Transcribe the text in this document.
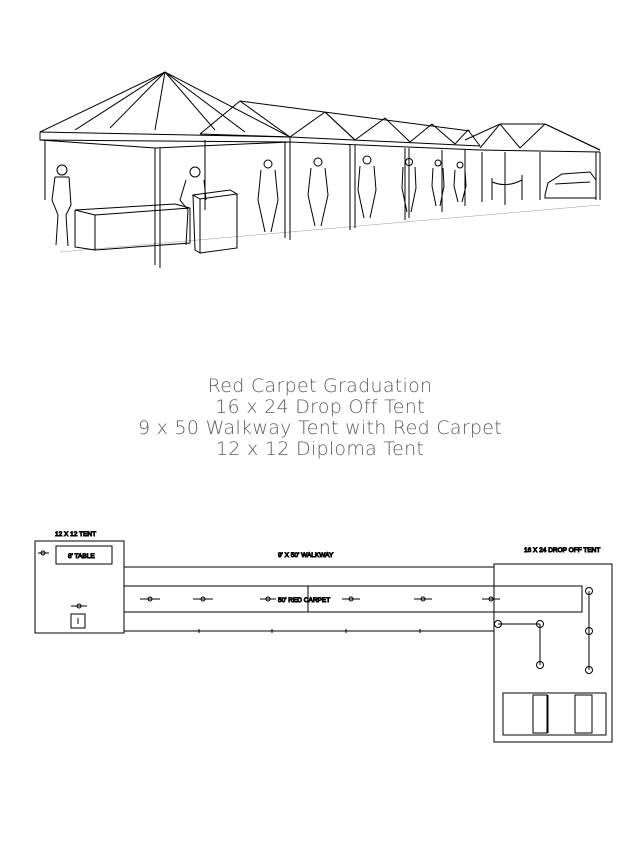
Red Carpet Graduation
16 x 24 Drop Off Tent
9 x 50 Walkway Tent with Red Carpet
12 x 12 Diploma Tent
12 X 12 TENT
8' TABLE	9' X 50' WALKWAY
50' RED CARPET
16 X 24 DROP OFF TENT
